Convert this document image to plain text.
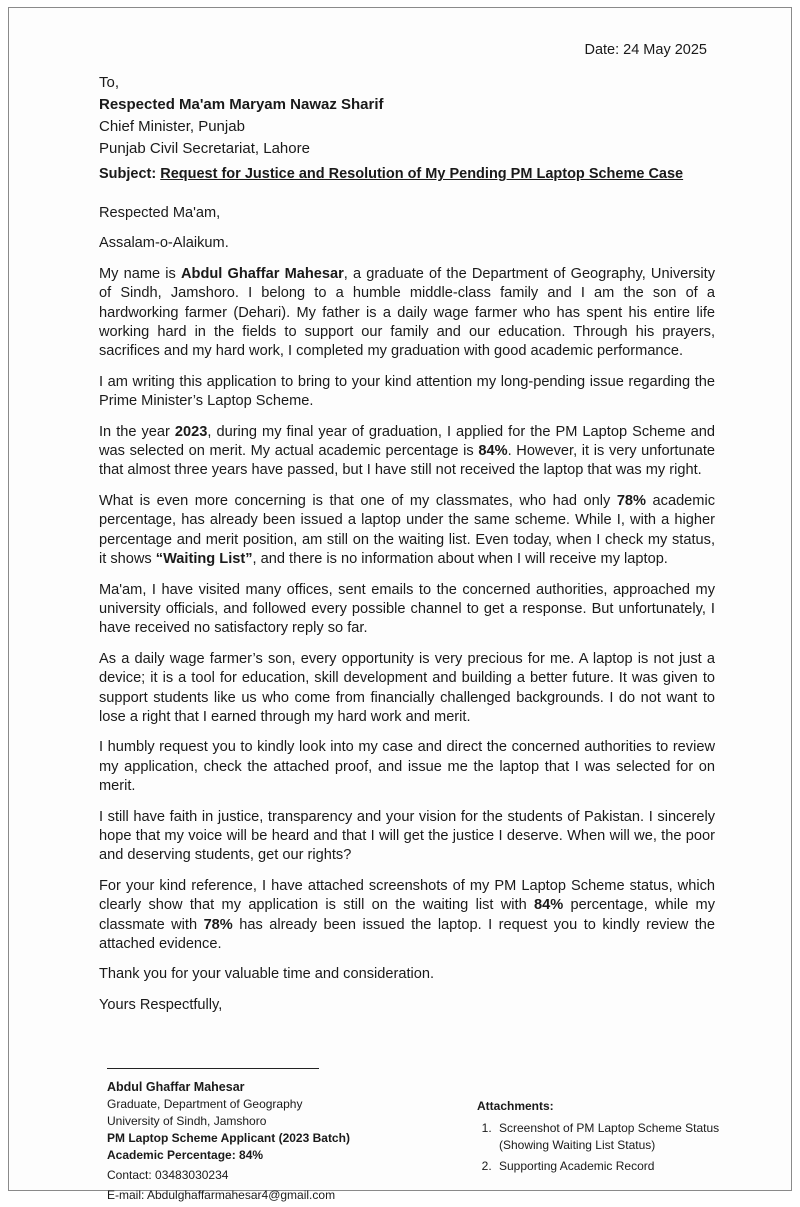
Date: 24 May 2025
To,
Respected Ma'am Maryam Nawaz Sharif
Chief Minister, Punjab
Punjab Civil Secretariat, Lahore
Subject: Request for Justice and Resolution of My Pending PM Laptop Scheme Case

Respected Ma'am,

Assalam-o-Alaikum.

My name is Abdul Ghaffar Mahesar, a graduate of the Department of Geography, University of Sindh, Jamshoro. I belong to a humble middle-class family and I am the son of a hardworking farmer (Dehari). My father is a daily wage farmer who has spent his entire life working hard in the fields to support our family and our education. Through his prayers, sacrifices and my hard work, I completed my graduation with good academic performance.

I am writing this application to bring to your kind attention my long-pending issue regarding the Prime Minister’s Laptop Scheme.

In the year 2023, during my final year of graduation, I applied for the PM Laptop Scheme and was selected on merit. My actual academic percentage is 84%. However, it is very unfortunate that almost three years have passed, but I have still not received the laptop that was my right.

What is even more concerning is that one of my classmates, who had only 78% academic percentage, has already been issued a laptop under the same scheme. While I, with a higher percentage and merit position, am still on the waiting list. Even today, when I check my status, it shows “Waiting List”, and there is no information about when I will receive my laptop.

Ma'am, I have visited many offices, sent emails to the concerned authorities, approached my university officials, and followed every possible channel to get a response. But unfortunately, I have received no satisfactory reply so far.

As a daily wage farmer’s son, every opportunity is very precious for me. A laptop is not just a device; it is a tool for education, skill development and building a better future. It was given to support students like us who come from financially challenged backgrounds. I do not want to lose a right that I earned through my hard work and merit.

I humbly request you to kindly look into my case and direct the concerned authorities to review my application, check the attached proof, and issue me the laptop that I was selected for on merit.

I still have faith in justice, transparency and your vision for the students of Pakistan. I sincerely hope that my voice will be heard and that I will get the justice I deserve. When will we, the poor and deserving students, get our rights?

For your kind reference, I have attached screenshots of my PM Laptop Scheme status, which clearly show that my application is still on the waiting list with 84% percentage, while my classmate with 78% has already been issued the laptop. I request you to kindly review the attached evidence.

Thank you for your valuable time and consideration.

Yours Respectfully,

Abdul Ghaffar Mahesar
Graduate, Department of Geography
University of Sindh, Jamshoro
PM Laptop Scheme Applicant (2023 Batch)
Academic Percentage: 84%
Contact: 03483030234
E-mail: Abdulghaffarmahesar4@gmail.com
Attachments:
1. Screenshot of PM Laptop Scheme Status
(Showing Waiting List Status)
2. Supporting Academic Record
